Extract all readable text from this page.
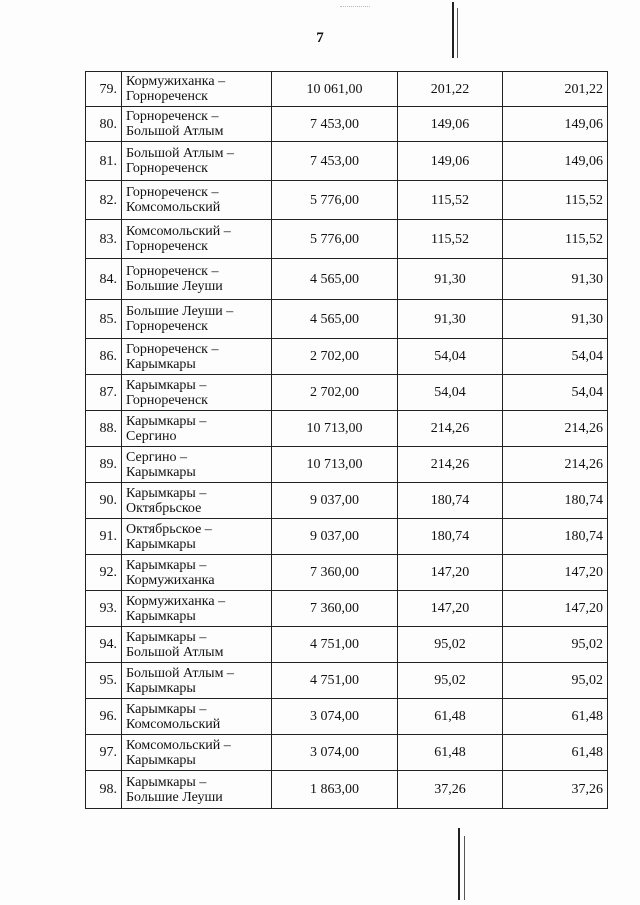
7
79.	Кормужиханка –
Горнореченск	10 061,00	201,22	201,22
80.	Горнореченск –
Большой Атлым	7 453,00	149,06	149,06
81.	Большой Атлым –
Горнореченск	7 453,00	149,06	149,06
82.	Горнореченск –
Комсомольский	5 776,00	115,52	115,52
83.	Комсомольский –
Горнореченск	5 776,00	115,52	115,52
84.	Горнореченск –
Большие Леуши	4 565,00	91,30	91,30
85.	Большие Леуши –
Горнореченск	4 565,00	91,30	91,30
86.	Горнореченск –
Карымкары	2 702,00	54,04	54,04
87.	Карымкары –
Горнореченск	2 702,00	54,04	54,04
88.	Карымкары –
Сергино	10 713,00	214,26	214,26
89.	Сергино –
Карымкары	10 713,00	214,26	214,26
90.	Карымкары –
Октябрьское	9 037,00	180,74	180,74
91.	Октябрьское –
Карымкары	9 037,00	180,74	180,74
92.	Карымкары –
Кормужиханка	7 360,00	147,20	147,20
93.	Кормужиханка –
Карымкары	7 360,00	147,20	147,20
94.	Карымкары –
Большой Атлым	4 751,00	95,02	95,02
95.	Большой Атлым –
Карымкары	4 751,00	95,02	95,02
96.	Карымкары –
Комсомольский	3 074,00	61,48	61,48
97.	Комсомольский –
Карымкары	3 074,00	61,48	61,48
98.	Карымкары –
Большие Леуши	1 863,00	37,26	37,26
